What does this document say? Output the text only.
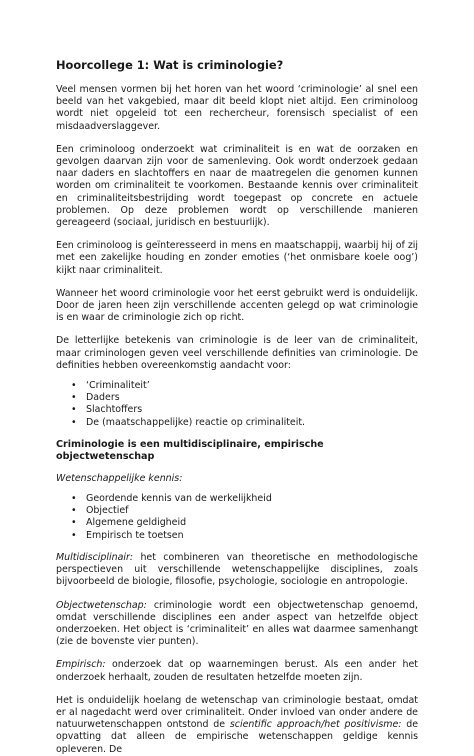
Hoorcollege 1: Wat is criminologie?

Veel mensen vormen bij het horen van het woord ‘criminologie’ al snel een beeld van het vakgebied, maar dit beeld klopt niet altijd. Een criminoloog wordt niet opgeleid tot een rechercheur, forensisch specialist of een misdaadverslaggever.

Een criminoloog onderzoekt wat criminaliteit is en wat de oorzaken en gevolgen daarvan zijn voor de samenleving. Ook wordt onderzoek gedaan naar daders en slachtoffers en naar de maatregelen die genomen kunnen worden om criminaliteit te voorkomen. Bestaande kennis over criminaliteit en criminaliteitsbestrijding wordt toegepast op concrete en actuele problemen. Op deze problemen wordt op verschillende manieren gereageerd (sociaal, juridisch en bestuurlijk).

Een criminoloog is geïnteresseerd in mens en maatschappij, waarbij hij of zij met een zakelijke houding en zonder emoties (‘het onmisbare koele oog’) kijkt naar criminaliteit.

Wanneer het woord criminologie voor het eerst gebruikt werd is onduidelijk. Door de jaren heen zijn verschillende accenten gelegd op wat criminologie is en waar de criminologie zich op richt.

De letterlijke betekenis van criminologie is de leer van de criminaliteit, maar criminologen geven veel verschillende definities van criminologie. De definities hebben overeenkomstig aandacht voor:

• ‘Criminaliteit’
• Daders
• Slachtoffers
• De (maatschappelijke) reactie op criminaliteit.
Criminologie is een multidisciplinaire, empirische objectwetenschap

Wetenschappelijke kennis:

• Geordende kennis van de werkelijkheid
• Objectief
• Algemene geldigheid
• Empirisch te toetsen

Multidisciplinair: het combineren van theoretische en methodologische perspectieven uit verschillende wetenschappelijke disciplines, zoals bijvoorbeeld de biologie, filosofie, psychologie, sociologie en antropologie.

Objectwetenschap: criminologie wordt een objectwetenschap genoemd, omdat verschillende disciplines een ander aspect van hetzelfde object onderzoeken. Het object is ‘criminaliteit’ en alles wat daarmee samenhangt (zie de bovenste vier punten).

Empirisch: onderzoek dat op waarnemingen berust. Als een ander het onderzoek herhaalt, zouden de resultaten hetzelfde moeten zijn.

Het is onduidelijk hoelang de wetenschap van criminologie bestaat, omdat er al nagedacht werd over criminaliteit. Onder invloed van onder andere de natuurwetenschappen ontstond de scientific approach/het positivisme: de opvatting dat alleen de empirische wetenschappen geldige kennis opleveren. De
